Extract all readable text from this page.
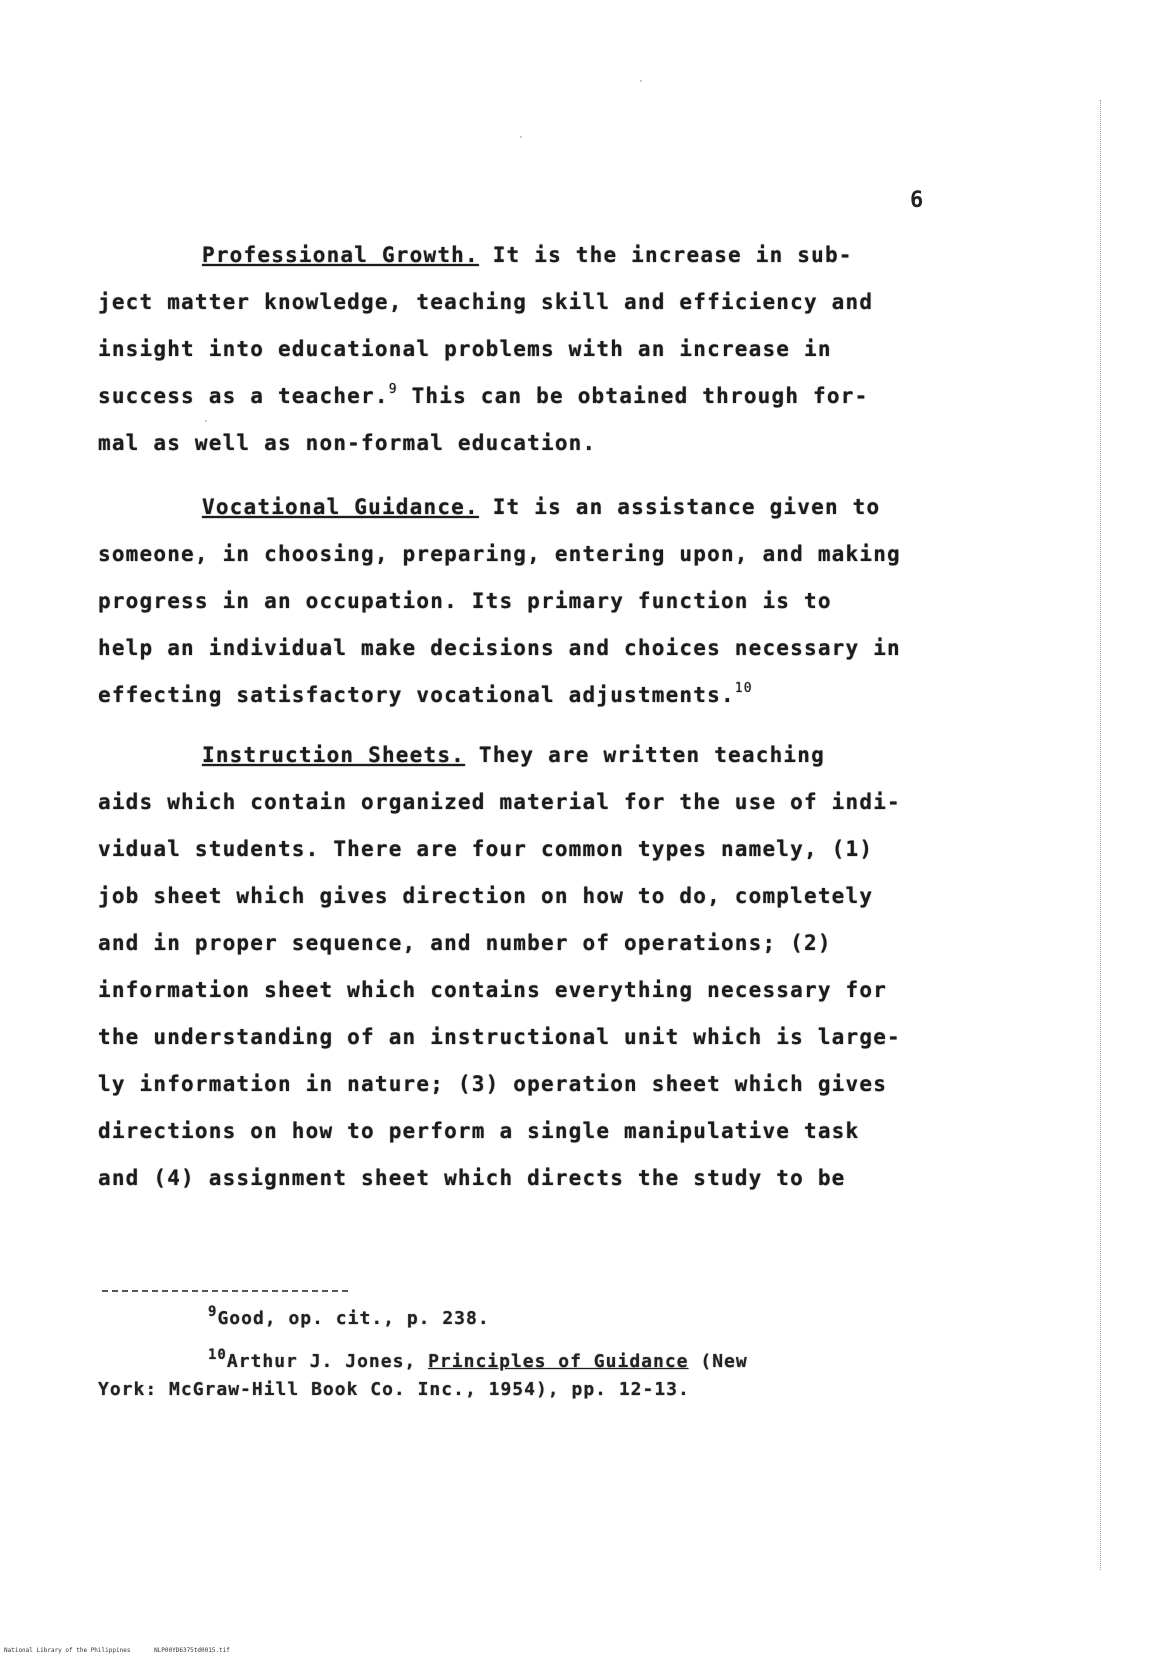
6
Professional Growth. It is the increase in sub-
ject matter knowledge, teaching skill and efficiency and
insight into educational problems with an increase in
success as a teacher.$^9$ This can be obtained through for-
mal as well as non-formal education.
Vocational Guidance. It is an assistance given to
someone, in choosing, preparing, entering upon, and making
progress in an occupation. Its primary function is to
help an individual make decisions and choices necessary in
effecting satisfactory vocational adjustments.$^{10}$
Instruction Sheets. They are written teaching
aids which contain organized material for the use of indi-
vidual students. There are four common types namely, (1)
job sheet which gives direction on how to do, completely
and in proper sequence, and number of operations; (2)
information sheet which contains everything necessary for
the understanding of an instructional unit which is large-
ly information in nature; (3) operation sheet which gives
directions on how to perform a single manipulative task
and (4) assignment sheet which directs the study to be
$^9$Good, op. cit., p. 238.
$^{10}$Arthur J. Jones, Principles of Guidance (New
York: McGraw-Hill Book Co. Inc., 1954), pp. 12-13.
National Library of the Philippines	NLP00YD6375td0015.tif
